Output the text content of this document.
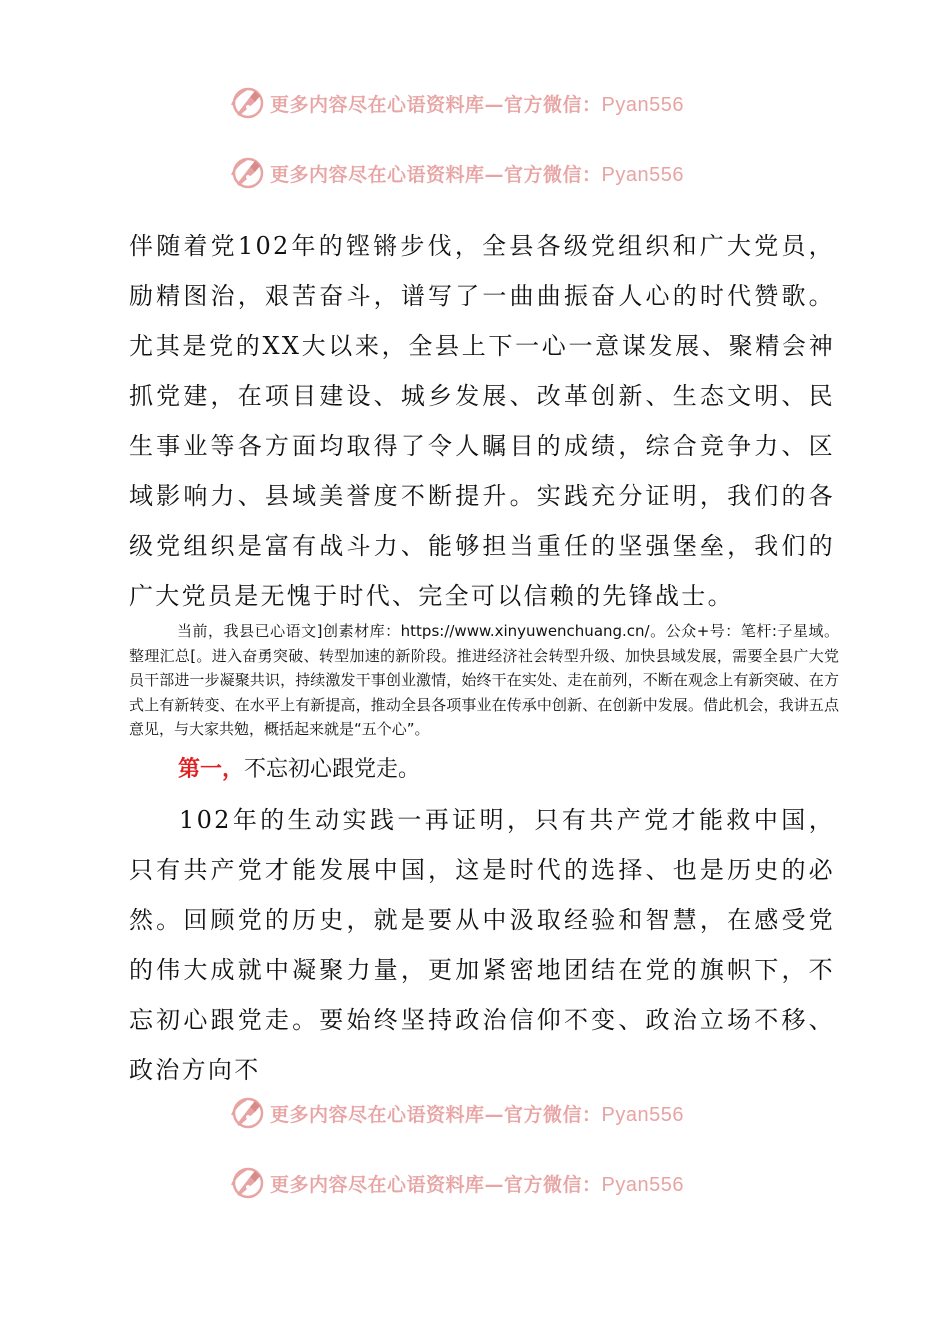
更多内容尽在心语资料库—官方微信：Pyan556
更多内容尽在心语资料库—官方微信：Pyan556
伴随着党102年的铿锵步伐，全县各级党组织和广大党员，励精图治，艰苦奋斗，谱写了一曲曲振奋人心的时代赞歌。尤其是党的XX大以来，全县上下一心一意谋发展、聚精会神抓党建，在项目建设、城乡发展、改革创新、生态文明、民生事业等各方面均取得了令人瞩目的成绩，综合竞争力、区域影响力、县域美誉度不断提升。实践充分证明，我们的各级党组织是富有战斗力、能够担当重任的坚强堡垒，我们的广大党员是无愧于时代、完全可以信赖的先锋战士。
当前，我县已心语文]创素材库：https://www.xinyuwenchuang.cn/。公众+号：笔杆:子星域。整理汇总[。进入奋勇突破、转型加速的新阶段。推进经济社会转型升级、加快县域发展，需要全县广大党员干部进一步凝聚共识，持续激发干事创业激情，始终干在实处、走在前列，不断在观念上有新突破、在方式上有新转变、在水平上有新提高，推动全县各项事业在传承中创新、在创新中发展。借此机会，我讲五点意见，与大家共勉，概括起来就是“五个心”。
第一，不忘初心跟党走。
102年的生动实践一再证明，只有共产党才能救中国，只有共产党才能发展中国，这是时代的选择、也是历史的必然。回顾党的历史，就是要从中汲取经验和智慧，在感受党的伟大成就中凝聚力量，更加紧密地团结在党的旗帜下，不忘初心跟党走。要始终坚持政治信仰不变、政治立场不移、政治方向不
更多内容尽在心语资料库—官方微信：Pyan556
更多内容尽在心语资料库—官方微信：Pyan556
